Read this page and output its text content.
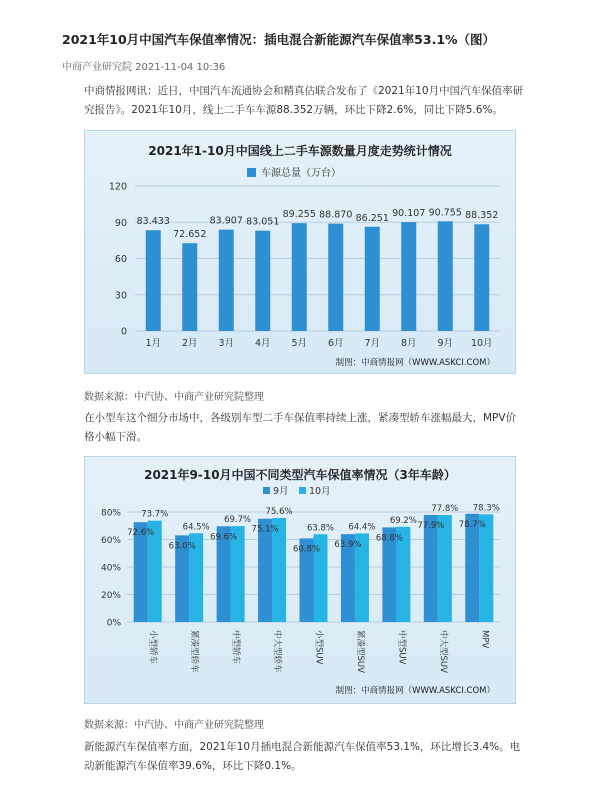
2021年10月中国汽车保值率情况：插电混合新能源汽车保值率53.1%（图）
中商产业研究院 2021-11-04 10:36

中商情报网讯：近日，中国汽车流通协会和精真估联合发布了《2021年10月中国汽车保值率研究报告》。2021年10月，线上二手车车源88.352万辆，环比下降2.6%，同比下降5.6%。

2021年1-10月中国线上二手车源数量月度走势统计情况
车源总量（万台）
0
30
60
90
120
83.433
1月
72.652
2月
83.907
3月
83.051
4月
89.255
5月
88.870
6月
86.251
7月
90.107
8月
90.755
9月
88.352
10月
制图：中商情报网（WWW.ASKCI.COM）
数据来源：中汽协、中商产业研究院整理

在小型车这个细分市场中，各级别车型二手车保值率持续上涨，紧凑型轿车涨幅最大，MPV价格小幅下滑。

2021年9-10月中国不同类型汽车保值率情况（3年车龄）
9月 10月
0%
20%
40%
60%
80%
72.6%
73.7%
小型轿车
63.0%
64.5%
紧凑型轿车
69.6%
69.7%
中型轿车
75.1%
75.6%
中大型轿车
60.8%
63.8%
小型SUV
63.9%
64.4%
紧凑型SUV
68.8%
69.2%
中型SUV
77.9%
77.8%
中大型SUV
78.7%
78.3%
MPV
制图：中商情报网（WWW.ASKCI.COM）
数据来源：中汽协、中商产业研究院整理

新能源汽车保值率方面，2021年10月插电混合新能源汽车保值率53.1%，环比增长3.4%。电动新能源汽车保值率39.6%，环比下降0.1%。
